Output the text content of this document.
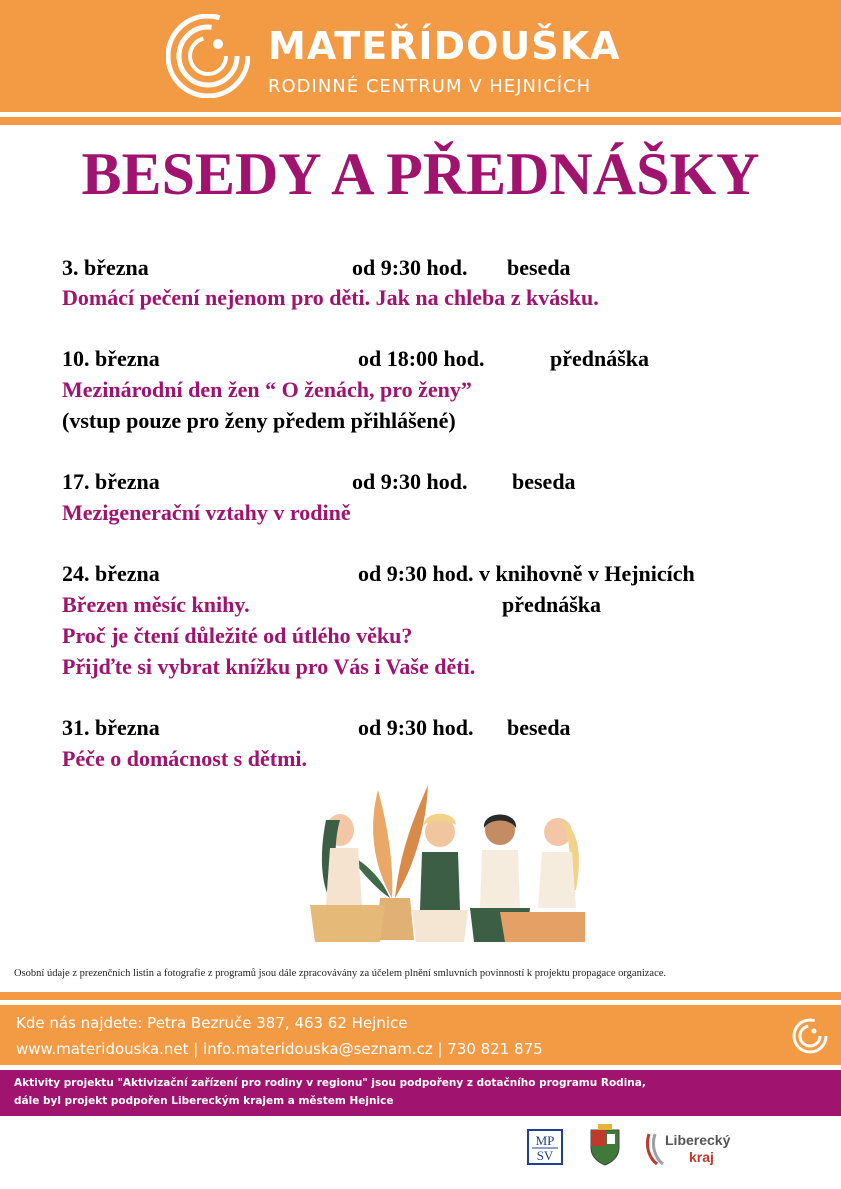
MATEŘÍDOUŠKA
RODINNÉ CENTRUM V HEJNICÍCH
BESEDY A PŘEDNÁŠKY
3. března	od 9:30 hod. beseda
Domácí pečení nejenom pro děti. Jak na chleba z kvásku.
10. března	od 18:00 hod.	přednáška
Mezinárodní den žen “ O ženách, pro ženy”
(vstup pouze pro ženy předem přihlášené)
17. března	od 9:30 hod. beseda
Mezigenerační vztahy v rodině
24. března	od 9:30 hod. v knihovně v Hejnicích
Březen měsíc knihy.	přednáška
Proč je čtení důležité od útlého věku?
Přijďte si vybrat knížku pro Vás i Vaše děti.
31. března	od 9:30 hod. beseda
Péče o domácnost s dětmi.
Osobní údaje z prezenčních listin a fotografie z programů jsou dále zpracovávány za účelem plnění smluvních povinností k projektu propagace organizace.
Kde nás najdete: Petra Bezruče 387, 463 62 Hejnice
www.materidouska.net | info.materidouska@seznam.cz | 730 821 875
Aktivity projektu "Aktivizační zařízení pro rodiny v regionu" jsou podpořeny z dotačního programu Rodina,
dále byl projekt podpořen Libereckým krajem a městem Hejnice
MP
SV
Liberecký
kraj
